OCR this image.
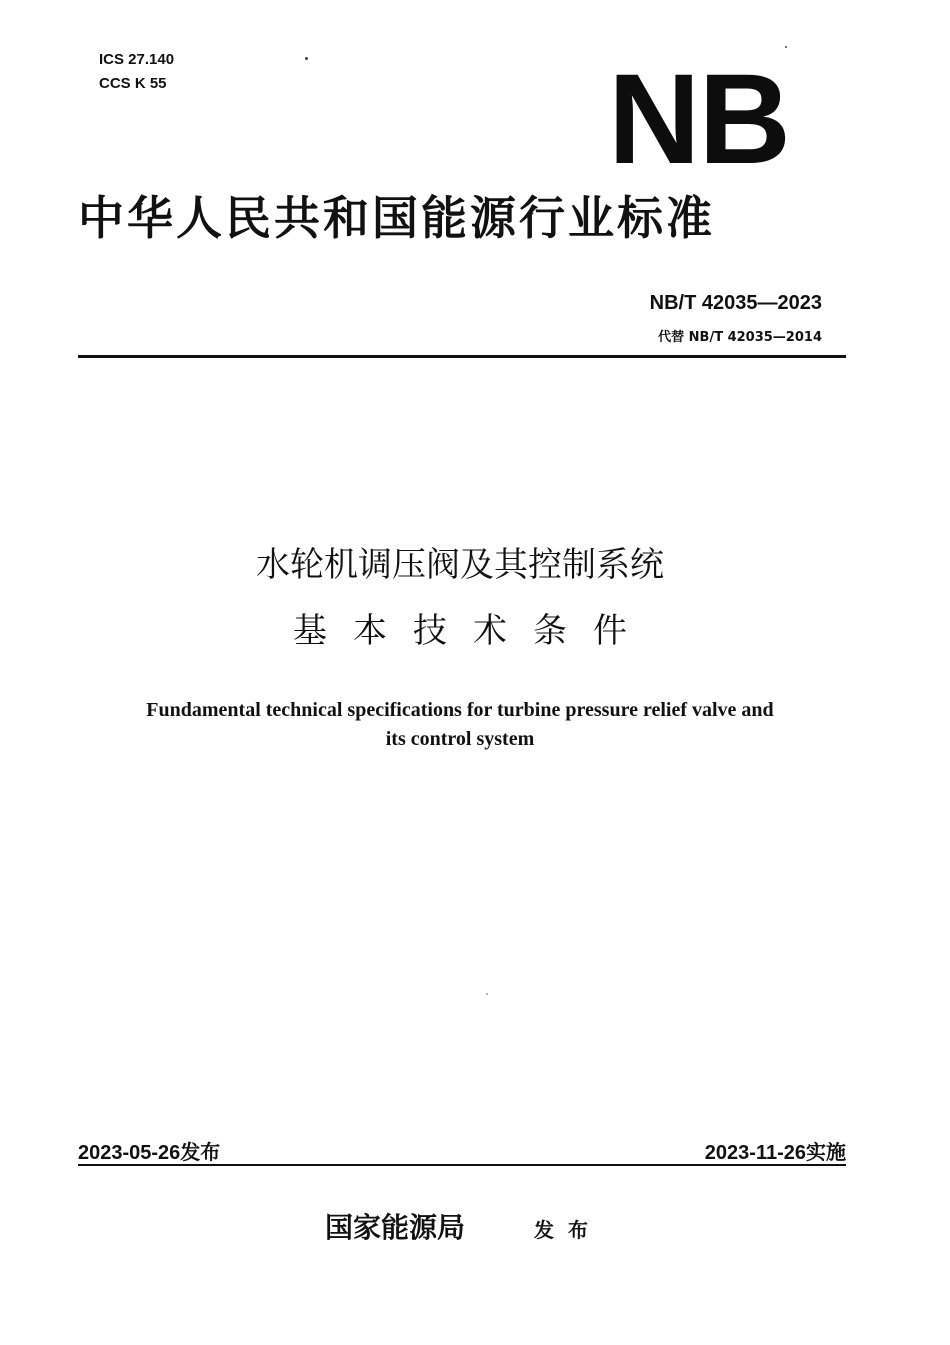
ICS 27.140
CCS K 55	NB
中华人民共和国能源行业标准
NB/T 42035—2023
代替 NB/T 42035—2014
水轮机调压阀及其控制系统
基本技术条件
Fundamental technical specifications for turbine pressure relief valve and
its control system
2023-05-26发布	2023-11-26实施
国家能源局	发布
